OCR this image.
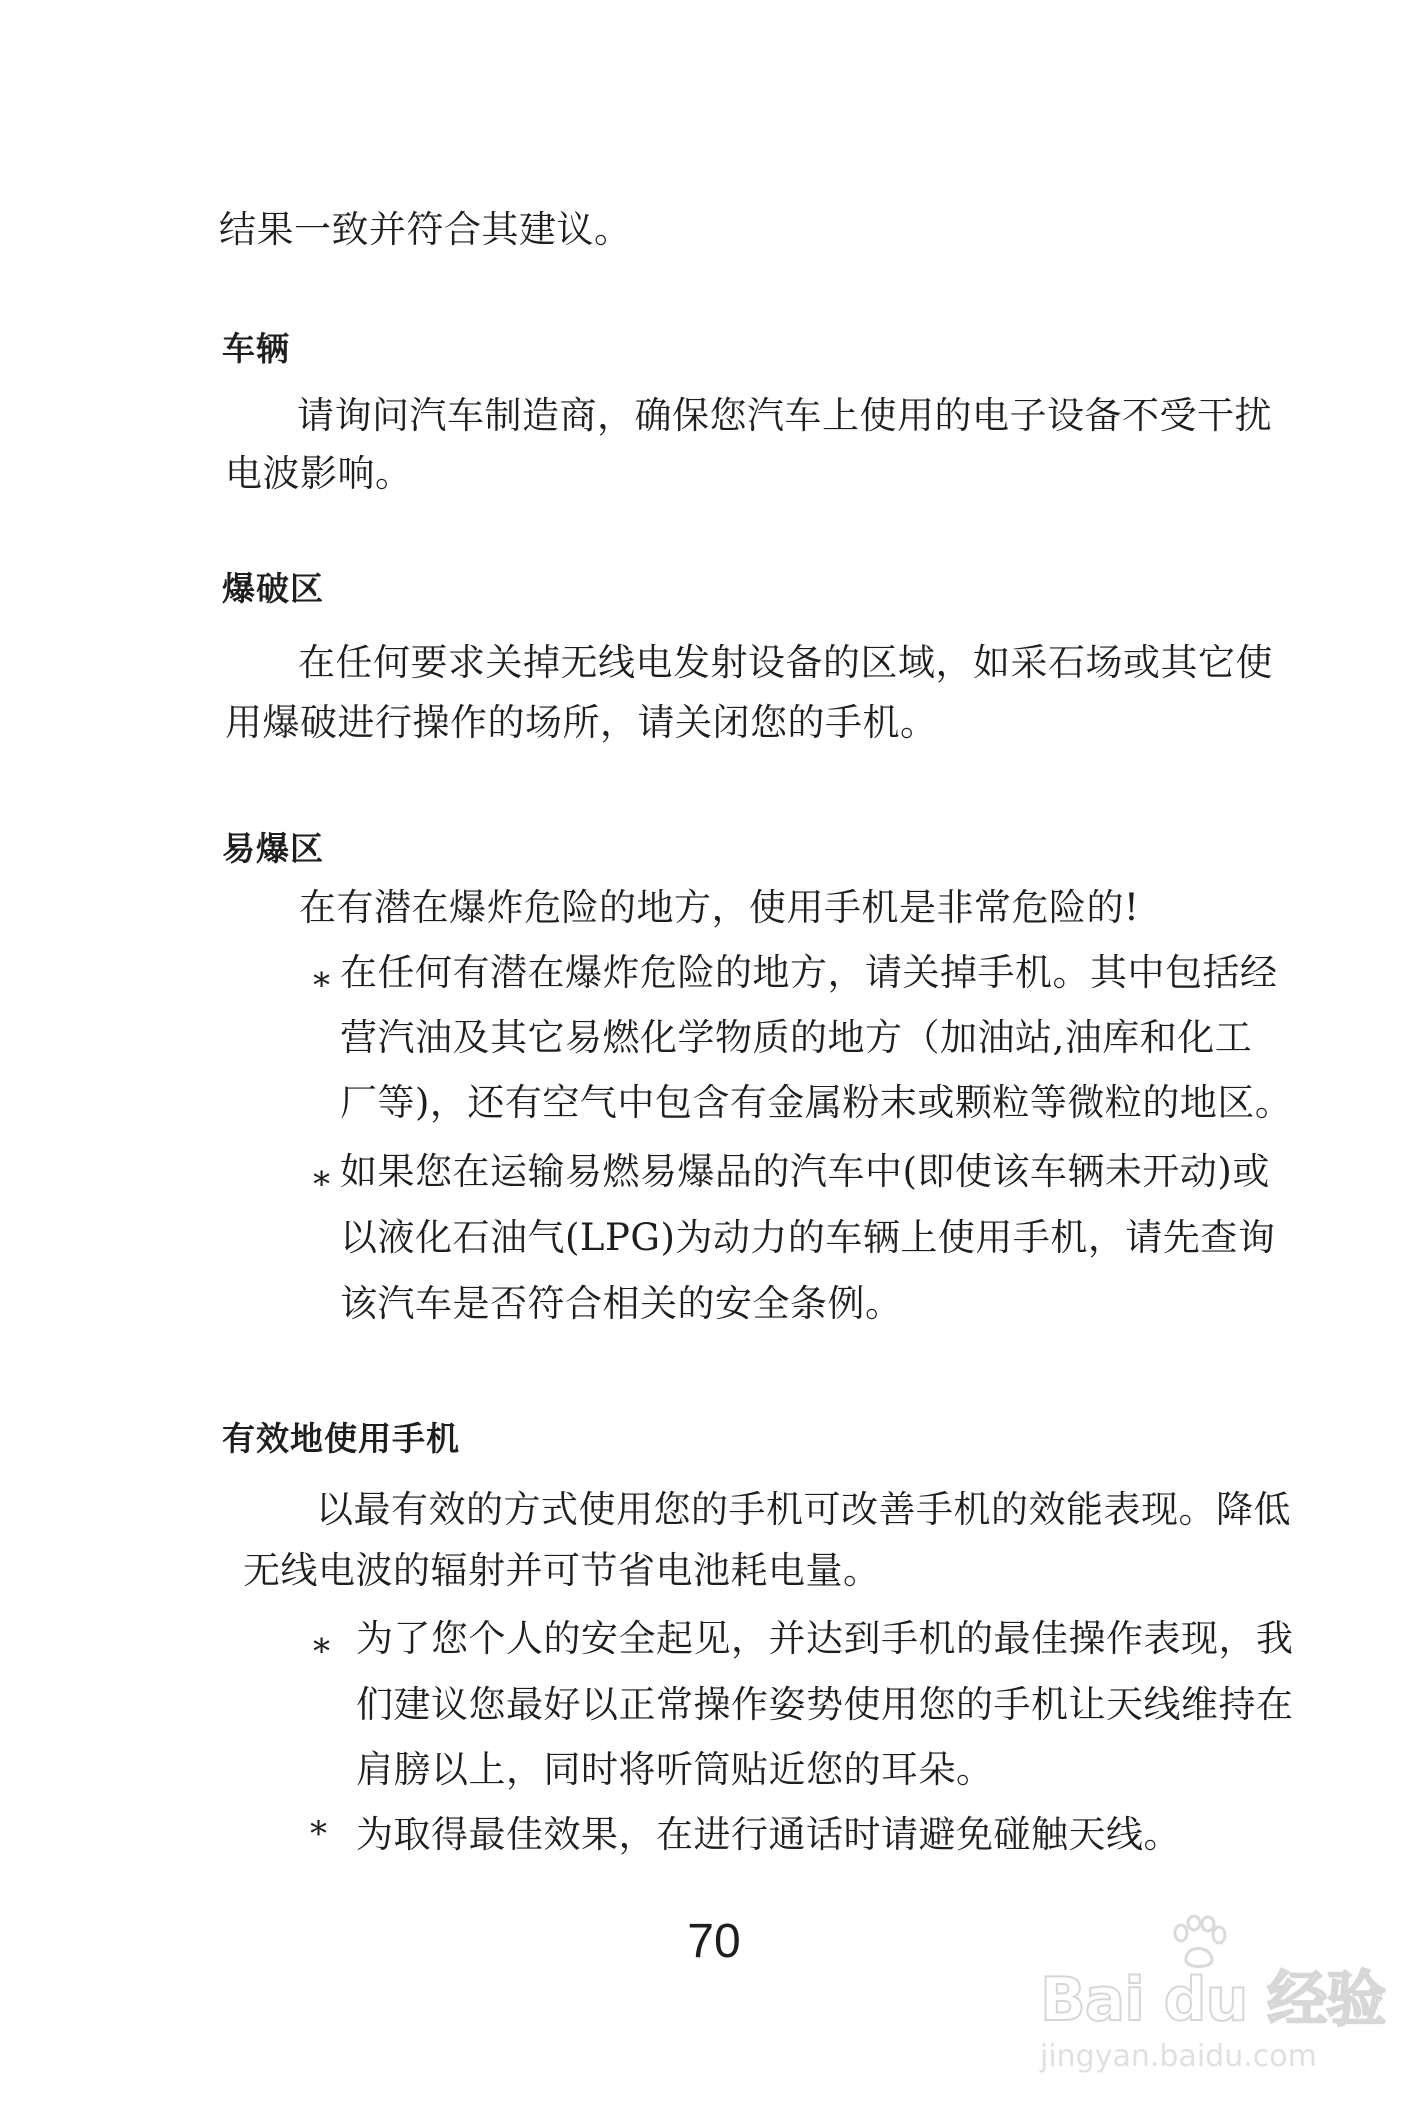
结果一致并符合其建议。
车辆
请询问汽车制造商，确保您汽车上使用的电子设备不受干扰
电波影响。
爆破区
在任何要求关掉无线电发射设备的区域，如采石场或其它使
用爆破进行操作的场所，请关闭您的手机。
易爆区
在有潜在爆炸危险的地方，使用手机是非常危险的!
∗ 在任何有潜在爆炸危险的地方，请关掉手机。其中包括经
营汽油及其它易燃化学物质的地方（加油站,油库和化工
厂等)，还有空气中包含有金属粉末或颗粒等微粒的地区。
∗ 如果您在运输易燃易爆品的汽车中(即使该车辆未开动)或
以液化石油气(LPG)为动力的车辆上使用手机，请先查询
该汽车是否符合相关的安全条例。
有效地使用手机
以最有效的方式使用您的手机可改善手机的效能表现。降低
无线电波的辐射并可节省电池耗电量。
∗ 为了您个人的安全起见，并达到手机的最佳操作表现，我
们建议您最好以正常操作姿势使用您的手机让天线维持在
肩膀以上，同时将听筒贴近您的耳朵。
* 为取得最佳效果，在进行通话时请避免碰触天线。
70
Bai du 经验
jingyan.baidu.com
